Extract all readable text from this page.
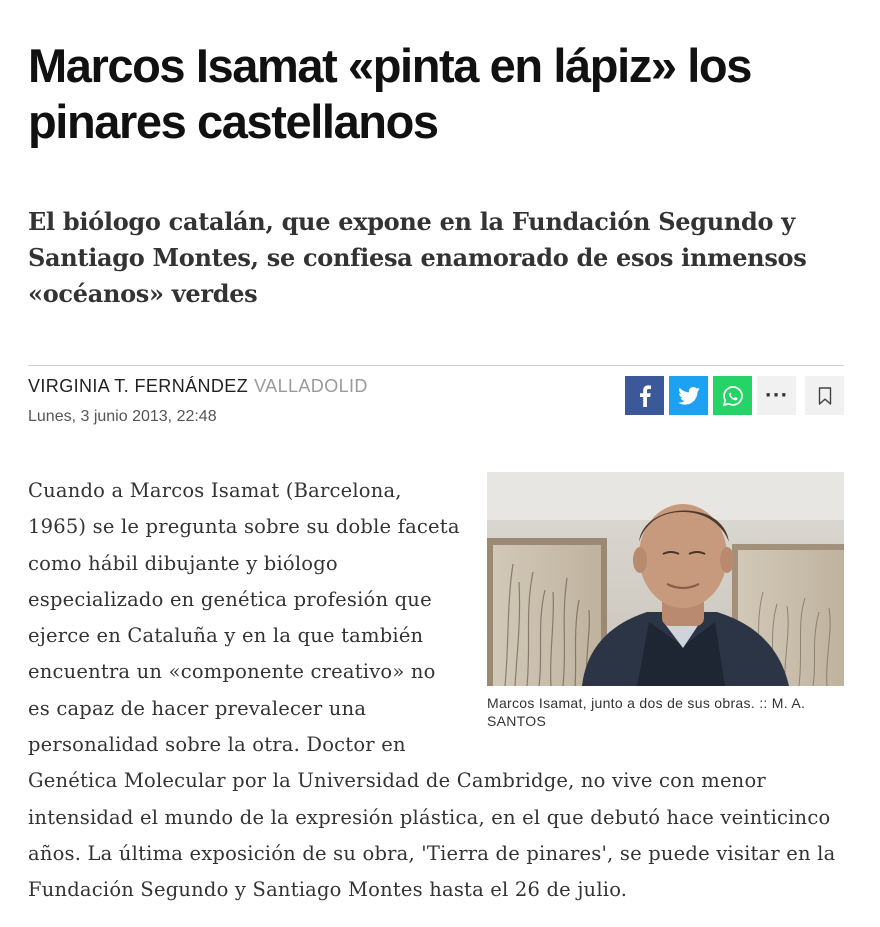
Marcos Isamat «pinta en lápiz» los pinares castellanos
El biólogo catalán, que expone en la Fundación Segundo y Santiago Montes, se confiesa enamorado de esos inmensos «océanos» verdes
VIRGINIA T. FERNÁNDEZ VALLADOLID
Lunes, 3 junio 2013, 22:48
···
Marcos Isamat, junto a dos de sus obras. :: M. A. SANTOS

Cuando a Marcos Isamat (Barcelona, 1965) se le pregunta sobre su doble faceta como hábil dibujante y biólogo especializado en genética profesión que ejerce en Cataluña y en la que también encuentra un «componente creativo» no es capaz de hacer prevalecer una personalidad sobre la otra. Doctor en Genética Molecular por la Universidad de Cambridge, no vive con menor intensidad el mundo de la expresión plástica, en el que debutó hace veinticinco años. La última exposición de su obra, 'Tierra de pinares', se puede visitar en la Fundación Segundo y Santiago Montes hasta el 26 de julio.
